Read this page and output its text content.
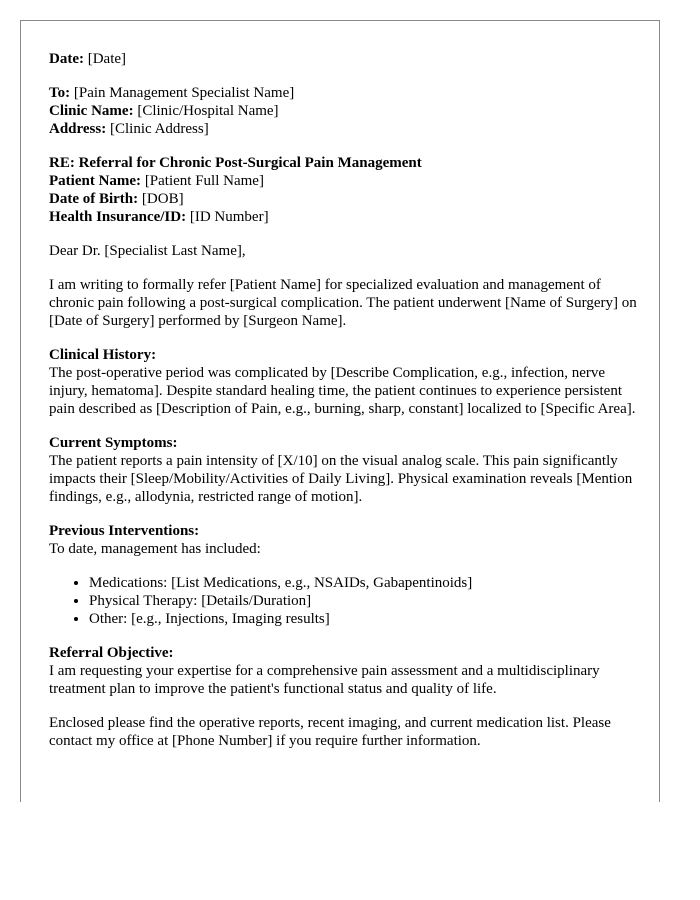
Date: [Date]
To: [Pain Management Specialist Name]
Clinic Name: [Clinic/Hospital Name]
Address: [Clinic Address]
RE: Referral for Chronic Post-Surgical Pain Management
Patient Name: [Patient Full Name]
Date of Birth: [DOB]
Health Insurance/ID: [ID Number]

Dear Dr. [Specialist Last Name],

I am writing to formally refer [Patient Name] for specialized evaluation and management of chronic pain following a post-surgical complication. The patient underwent [Name of Surgery] on [Date of Surgery] performed by [Surgeon Name].

Clinical History:

The post-operative period was complicated by [Describe Complication, e.g., infection, nerve injury, hematoma]. Despite standard healing time, the patient continues to experience persistent pain described as [Description of Pain, e.g., burning, sharp, constant] localized to [Specific Area].

Current Symptoms:

The patient reports a pain intensity of [X/10] on the visual analog scale. This pain significantly impacts their [Sleep/Mobility/Activities of Daily Living]. Physical examination reveals [Mention findings, e.g., allodynia, restricted range of motion].

Previous Interventions:

To date, management has included:

• Medications: [List Medications, e.g., NSAIDs, Gabapentinoids]
• Physical Therapy: [Details/Duration]
• Other: [e.g., Injections, Imaging results]
Referral Objective:

I am requesting your expertise for a comprehensive pain assessment and a multidisciplinary treatment plan to improve the patient's functional status and quality of life.

Enclosed please find the operative reports, recent imaging, and current medication list. Please contact my office at [Phone Number] if you require further information.
